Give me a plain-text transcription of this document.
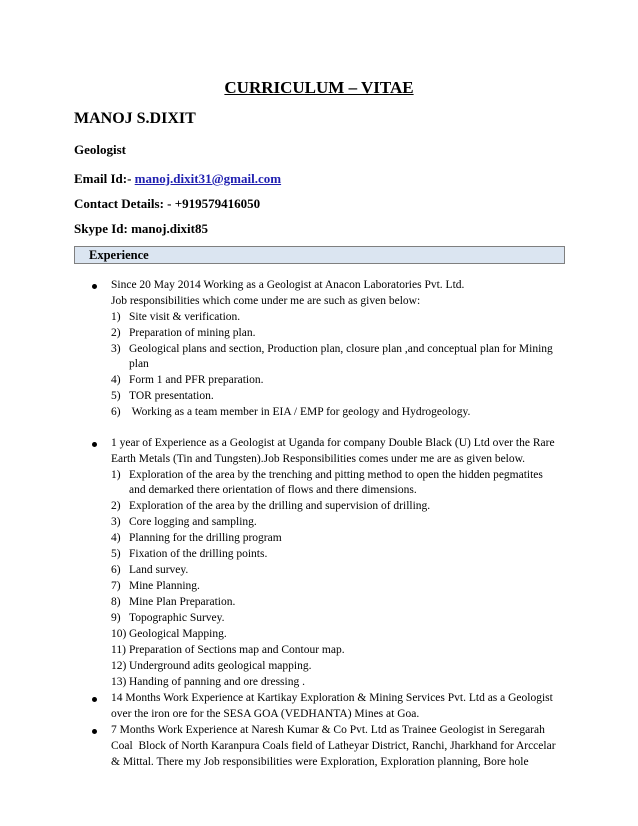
CURRICULUM – VITAE
MANOJ S.DIXIT
Geologist
Email Id:- manoj.dixit31@gmail.com
Contact Details: - +919579416050
Skype Id: manoj.dixit85
Experience
Since 20 May 2014 Working as a Geologist at Anacon Laboratories Pvt. Ltd.
Job responsibilities which come under me are such as given below:
1) Site visit & verification.
2) Preparation of mining plan.
3) Geological plans and section, Production plan, closure plan ,and conceptual plan for Mining
plan
4) Form 1 and PFR preparation.
5) TOR presentation.
6) Working as a team member in EIA / EMP for geology and Hydrogeology.
1 year of Experience as a Geologist at Uganda for company Double Black (U) Ltd over the Rare
Earth Metals (Tin and Tungsten).Job Responsibilities comes under me are as given below.
1) Exploration of the area by the trenching and pitting method to open the hidden pegmatites
and demarked there orientation of flows and there dimensions.
2) Exploration of the area by the drilling and supervision of drilling.
3) Core logging and sampling.
4) Planning for the drilling program
5) Fixation of the drilling points.
6) Land survey.
7) Mine Planning.
8) Mine Plan Preparation.
9) Topographic Survey.
10) Geological Mapping.
11) Preparation of Sections map and Contour map.
12) Underground adits geological mapping.
13) Handing of panning and ore dressing .
14 Months Work Experience at Kartikay Exploration & Mining Services Pvt. Ltd as a Geologist
over the iron ore for the SESA GOA (VEDHANTA) Mines at Goa.
7 Months Work Experience at Naresh Kumar & Co Pvt. Ltd as Trainee Geologist in Seregarah
Coal  Block of North Karanpura Coals field of Latheyar District, Ranchi, Jharkhand for Arccelar
& Mittal. There my Job responsibilities were Exploration, Exploration planning, Bore hole
